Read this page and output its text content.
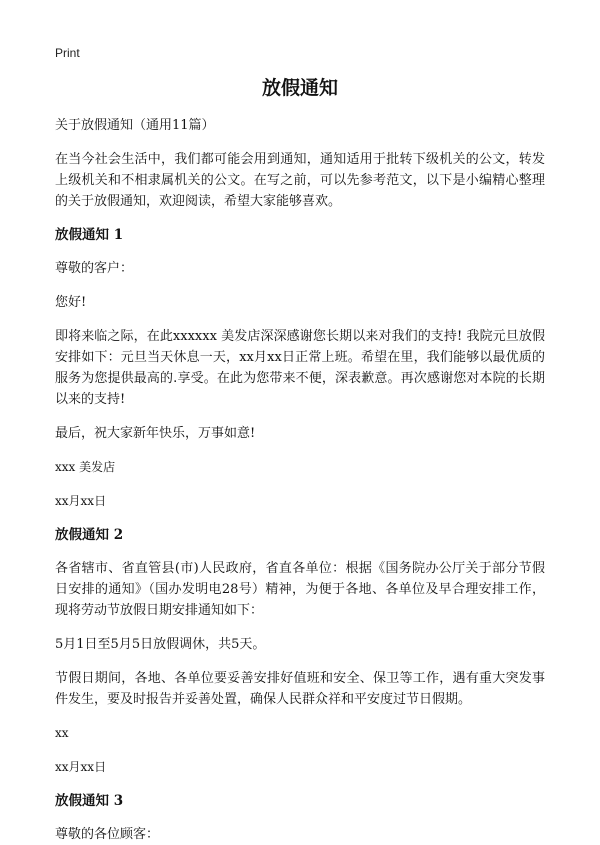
Print
放假通知
关于放假通知（通用11篇）
在当今社会生活中，我们都可能会用到通知，通知适用于批转下级机关的公文，转发上级机关和不相隶属机关的公文。在写之前，可以先参考范文，以下是小编精心整理的关于放假通知，欢迎阅读，希望大家能够喜欢。
放假通知 1
尊敬的客户：
您好!
即将来临之际，在此xxxxxx 美发店深深感谢您长期以来对我们的支持! 我院元旦放假安排如下：元旦当天休息一天，xx月xx日正常上班。希望在里，我们能够以最优质的服务为您提供最高的.享受。在此为您带来不便，深表歉意。再次感谢您对本院的长期以来的支持!
最后，祝大家新年快乐，万事如意!
xxx 美发店
xx月xx日
放假通知 2
各省辖市、省直管县(市)人民政府，省直各单位：根据《国务院办公厅关于部分节假日安排的通知》（国办发明电28号）精神，为便于各地、各单位及早合理安排工作，现将劳动节放假日期安排通知如下：
5月1日至5月5日放假调休，共5天。
节假日期间，各地、各单位要妥善安排好值班和安全、保卫等工作，遇有重大突发事件发生，要及时报告并妥善处置，确保人民群众祥和平安度过节日假期。
xx
xx月xx日
放假通知 3
尊敬的各位顾客：
